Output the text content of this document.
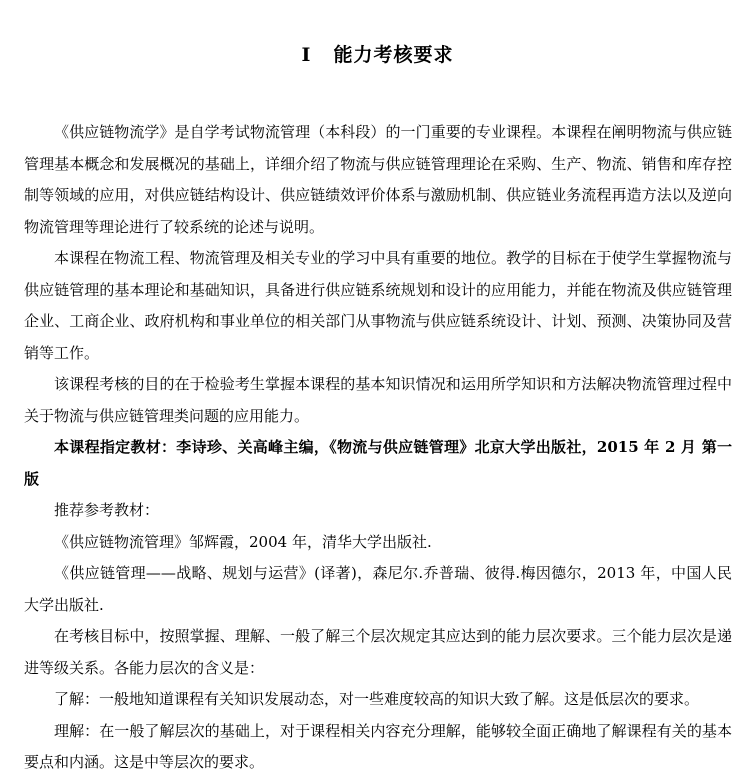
I 能力考核要求

《供应链物流学》是自学考试物流管理（本科段）的一门重要的专业课程。本课程在阐明物流与供应链管理基本概念和发展概况的基础上，详细介绍了物流与供应链管理理论在采购、生产、物流、销售和库存控制等领域的应用，对供应链结构设计、供应链绩效评价体系与激励机制、供应链业务流程再造方法以及逆向物流管理等理论进行了较系统的论述与说明。

本课程在物流工程、物流管理及相关专业的学习中具有重要的地位。教学的目标在于使学生掌握物流与供应链管理的基本理论和基础知识，具备进行供应链系统规划和设计的应用能力，并能在物流及供应链管理企业、工商企业、政府机构和事业单位的相关部门从事物流与供应链系统设计、计划、预测、决策协同及营销等工作。

该课程考核的目的在于检验考生掌握本课程的基本知识情况和运用所学知识和方法解决物流管理过程中关于物流与供应链管理类问题的应用能力。

本课程指定教材：李诗珍、关高峰主编，《物流与供应链管理》北京大学出版社，2015 年 2 月 第一版

推荐参考教材：

《供应链物流管理》邹辉霞，2004 年，清华大学出版社.

《供应链管理——战略、规划与运营》(译著)，森尼尔.乔普瑞、彼得.梅因德尔，2013 年，中国人民大学出版社.

在考核目标中，按照掌握、理解、一般了解三个层次规定其应达到的能力层次要求。三个能力层次是递进等级关系。各能力层次的含义是：

了解：一般地知道课程有关知识发展动态，对一些难度较高的知识大致了解。这是低层次的要求。

理解：在一般了解层次的基础上，对于课程相关内容充分理解，能够较全面正确地了解课程有关的基本要点和内涵。这是中等层次的要求。
